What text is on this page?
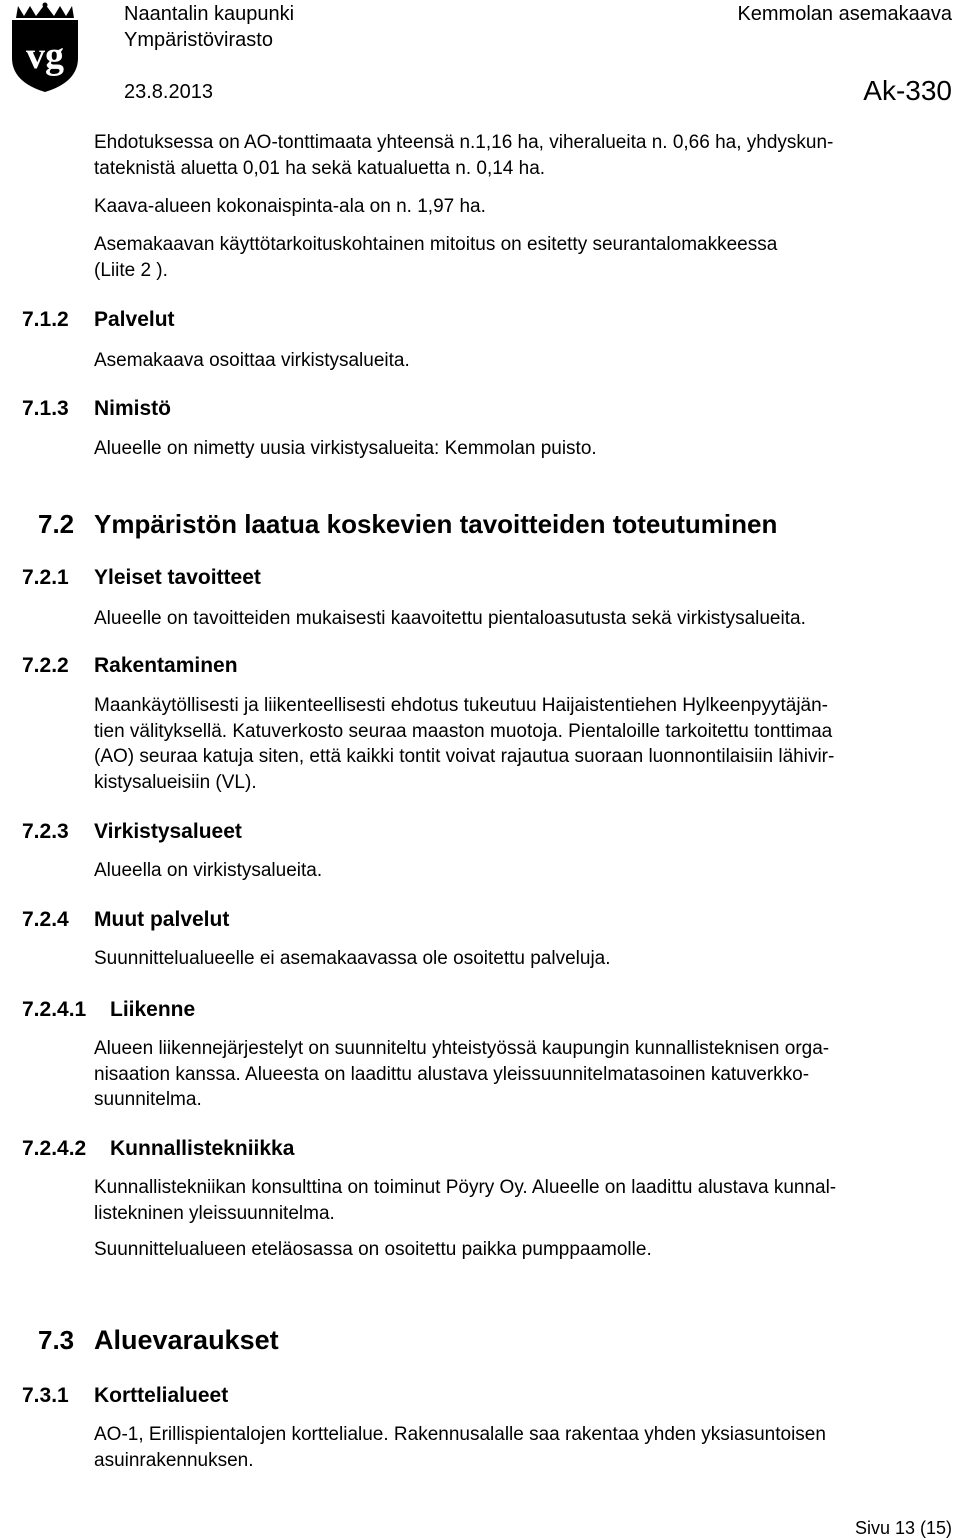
vg
Naantalin kaupunki
Ympäristövirasto
Kemmolan asemakaava
23.8.2013	Ak-330
Ehdotuksessa on AO-tonttimaata yhteensä n.1,16 ha, viheralueita n. 0,66 ha, yhdyskun-
tateknistä aluetta 0,01 ha sekä katualuetta n. 0,14 ha.
Kaava-alueen kokonaispinta-ala on n. 1,97 ha.
Asemakaavan käyttötarkoituskohtainen mitoitus on esitetty seurantalomakkeessa
(Liite 2 ).
7.1.2 Palvelut
Asemakaava osoittaa virkistysalueita.
7.1.3 Nimistö
Alueelle on nimetty uusia virkistysalueita: Kemmolan puisto.
7.2 Ympäristön laatua koskevien tavoitteiden toteutuminen
7.2.1 Yleiset tavoitteet
Alueelle on tavoitteiden mukaisesti kaavoitettu pientaloasutusta sekä virkistysalueita.
7.2.2 Rakentaminen
Maankäytöllisesti ja liikenteellisesti ehdotus tukeutuu Haijaistentiehen Hylkeenpyytäjän-
tien välityksellä. Katuverkosto seuraa maaston muotoja. Pientaloille tarkoitettu tonttimaa
(AO) seuraa katuja siten, että kaikki tontit voivat rajautua suoraan luonnontilaisiin lähivir-
kistysalueisiin (VL).
7.2.3 Virkistysalueet
Alueella on virkistysalueita.
7.2.4 Muut palvelut
Suunnittelualueelle ei asemakaavassa ole osoitettu palveluja.
7.2.4.1 Liikenne
Alueen liikennejärjestelyt on suunniteltu yhteistyössä kaupungin kunnallisteknisen orga-
nisaation kanssa. Alueesta on laadittu alustava yleissuunnitelmatasoinen katuverkko-
suunnitelma.
7.2.4.2 Kunnallistekniikka
Kunnallistekniikan konsulttina on toiminut Pöyry Oy. Alueelle on laadittu alustava kunnal-
listekninen yleissuunnitelma.
Suunnittelualueen eteläosassa on osoitettu paikka pumppaamolle.
7.3 Aluevaraukset
7.3.1 Korttelialueet
AO-1, Erillispientalojen korttelialue. Rakennusalalle saa rakentaa yhden yksiasuntoisen
asuinrakennuksen.
Sivu 13 (15)
